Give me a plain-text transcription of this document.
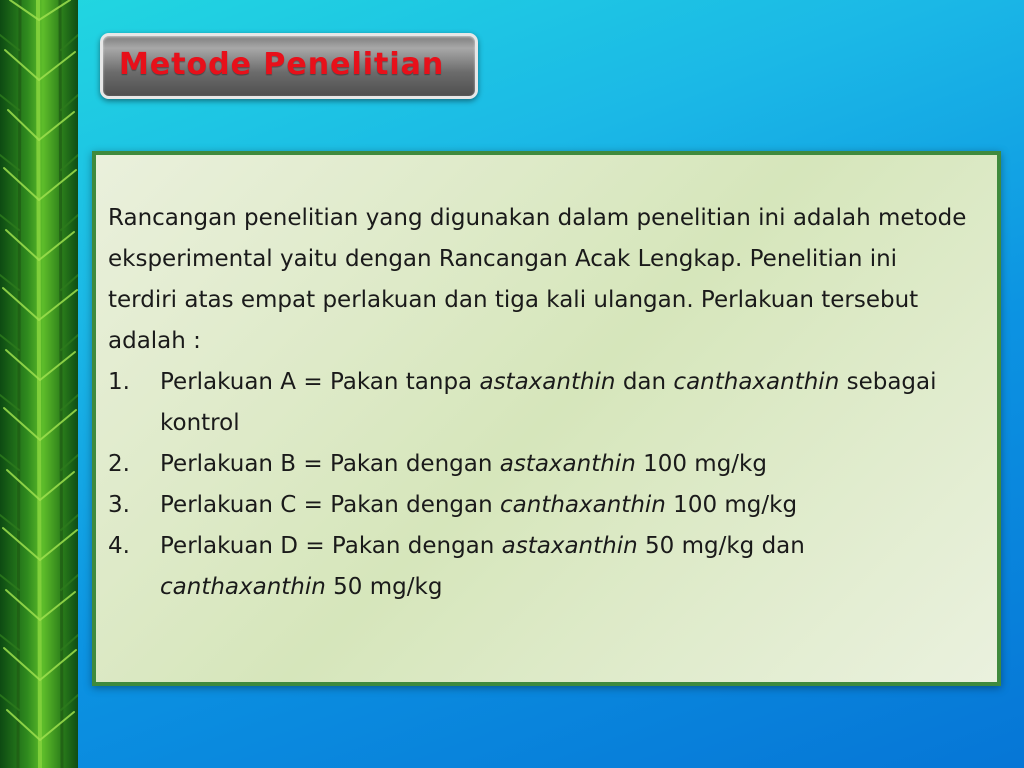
Metode Penelitian

Rancangan penelitian yang digunakan dalam penelitian ini adalah metode eksperimental yaitu dengan Rancangan Acak Lengkap. Penelitian ini terdiri atas empat perlakuan dan tiga kali ulangan. Perlakuan tersebut adalah :

1. Perlakuan A = Pakan tanpa astaxanthin dan canthaxanthin sebagai kontrol
2. Perlakuan B = Pakan dengan astaxanthin 100 mg/kg
3. Perlakuan C = Pakan dengan canthaxanthin 100 mg/kg
4. Perlakuan D = Pakan dengan astaxanthin 50 mg/kg dan canthaxanthin 50 mg/kg
